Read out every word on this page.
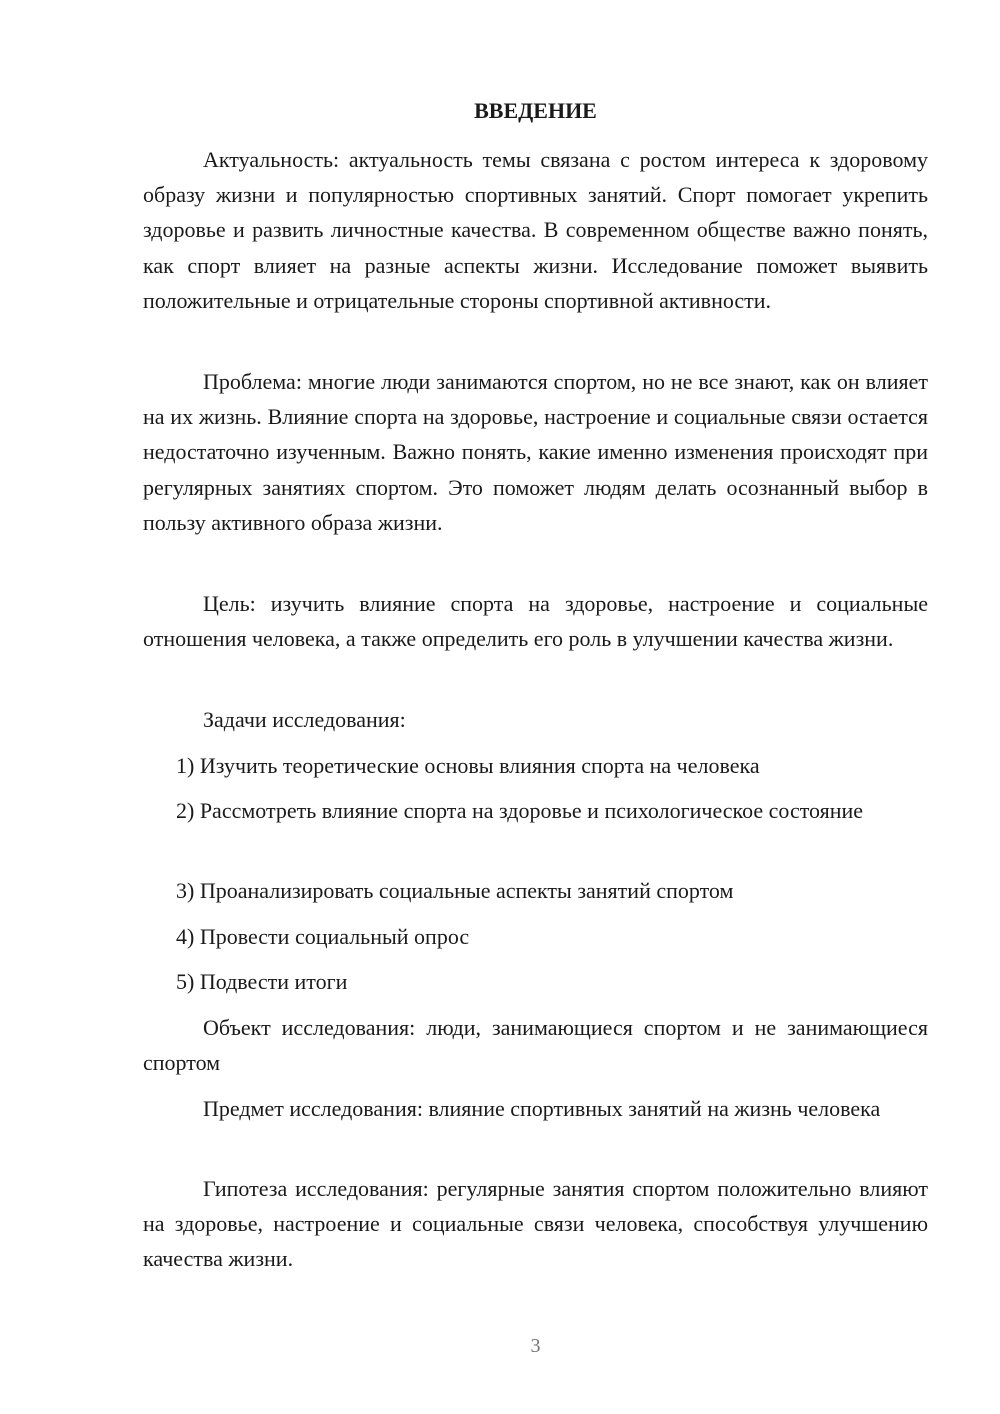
ВВЕДЕНИЕ

Актуальность: актуальность темы связана с ростом интереса к здоровому образу жизни и популярностью спортивных занятий. Спорт помогает укрепить здоровье и развить личностные качества. В современном обществе важно понять, как спорт влияет на разные аспекты жизни. Исследование поможет выявить положительные и отрицательные стороны спортивной активности.

Проблема: многие люди занимаются спортом, но не все знают, как он влияет на их жизнь. Влияние спорта на здоровье, настроение и социальные связи остается недостаточно изученным. Важно понять, какие именно изменения происходят при регулярных занятиях спортом. Это поможет людям делать осознанный выбор в пользу активного образа жизни.

Цель: изучить влияние спорта на здоровье, настроение и социальные отношения человека, а также определить его роль в улучшении качества жизни.

Задачи исследования:

1) Изучить теоретические основы влияния спорта на человека

2) Рассмотреть влияние спорта на здоровье и психологическое состояние

3) Проанализировать социальные аспекты занятий спортом

4) Провести социальный опрос

5) Подвести итоги

Объект исследования: люди, занимающиеся спортом и не занимающиеся спортом

Предмет исследования: влияние спортивных занятий на жизнь человека

Гипотеза исследования: регулярные занятия спортом положительно влияют на здоровье, настроение и социальные связи человека, способствуя улучшению качества жизни.

3
